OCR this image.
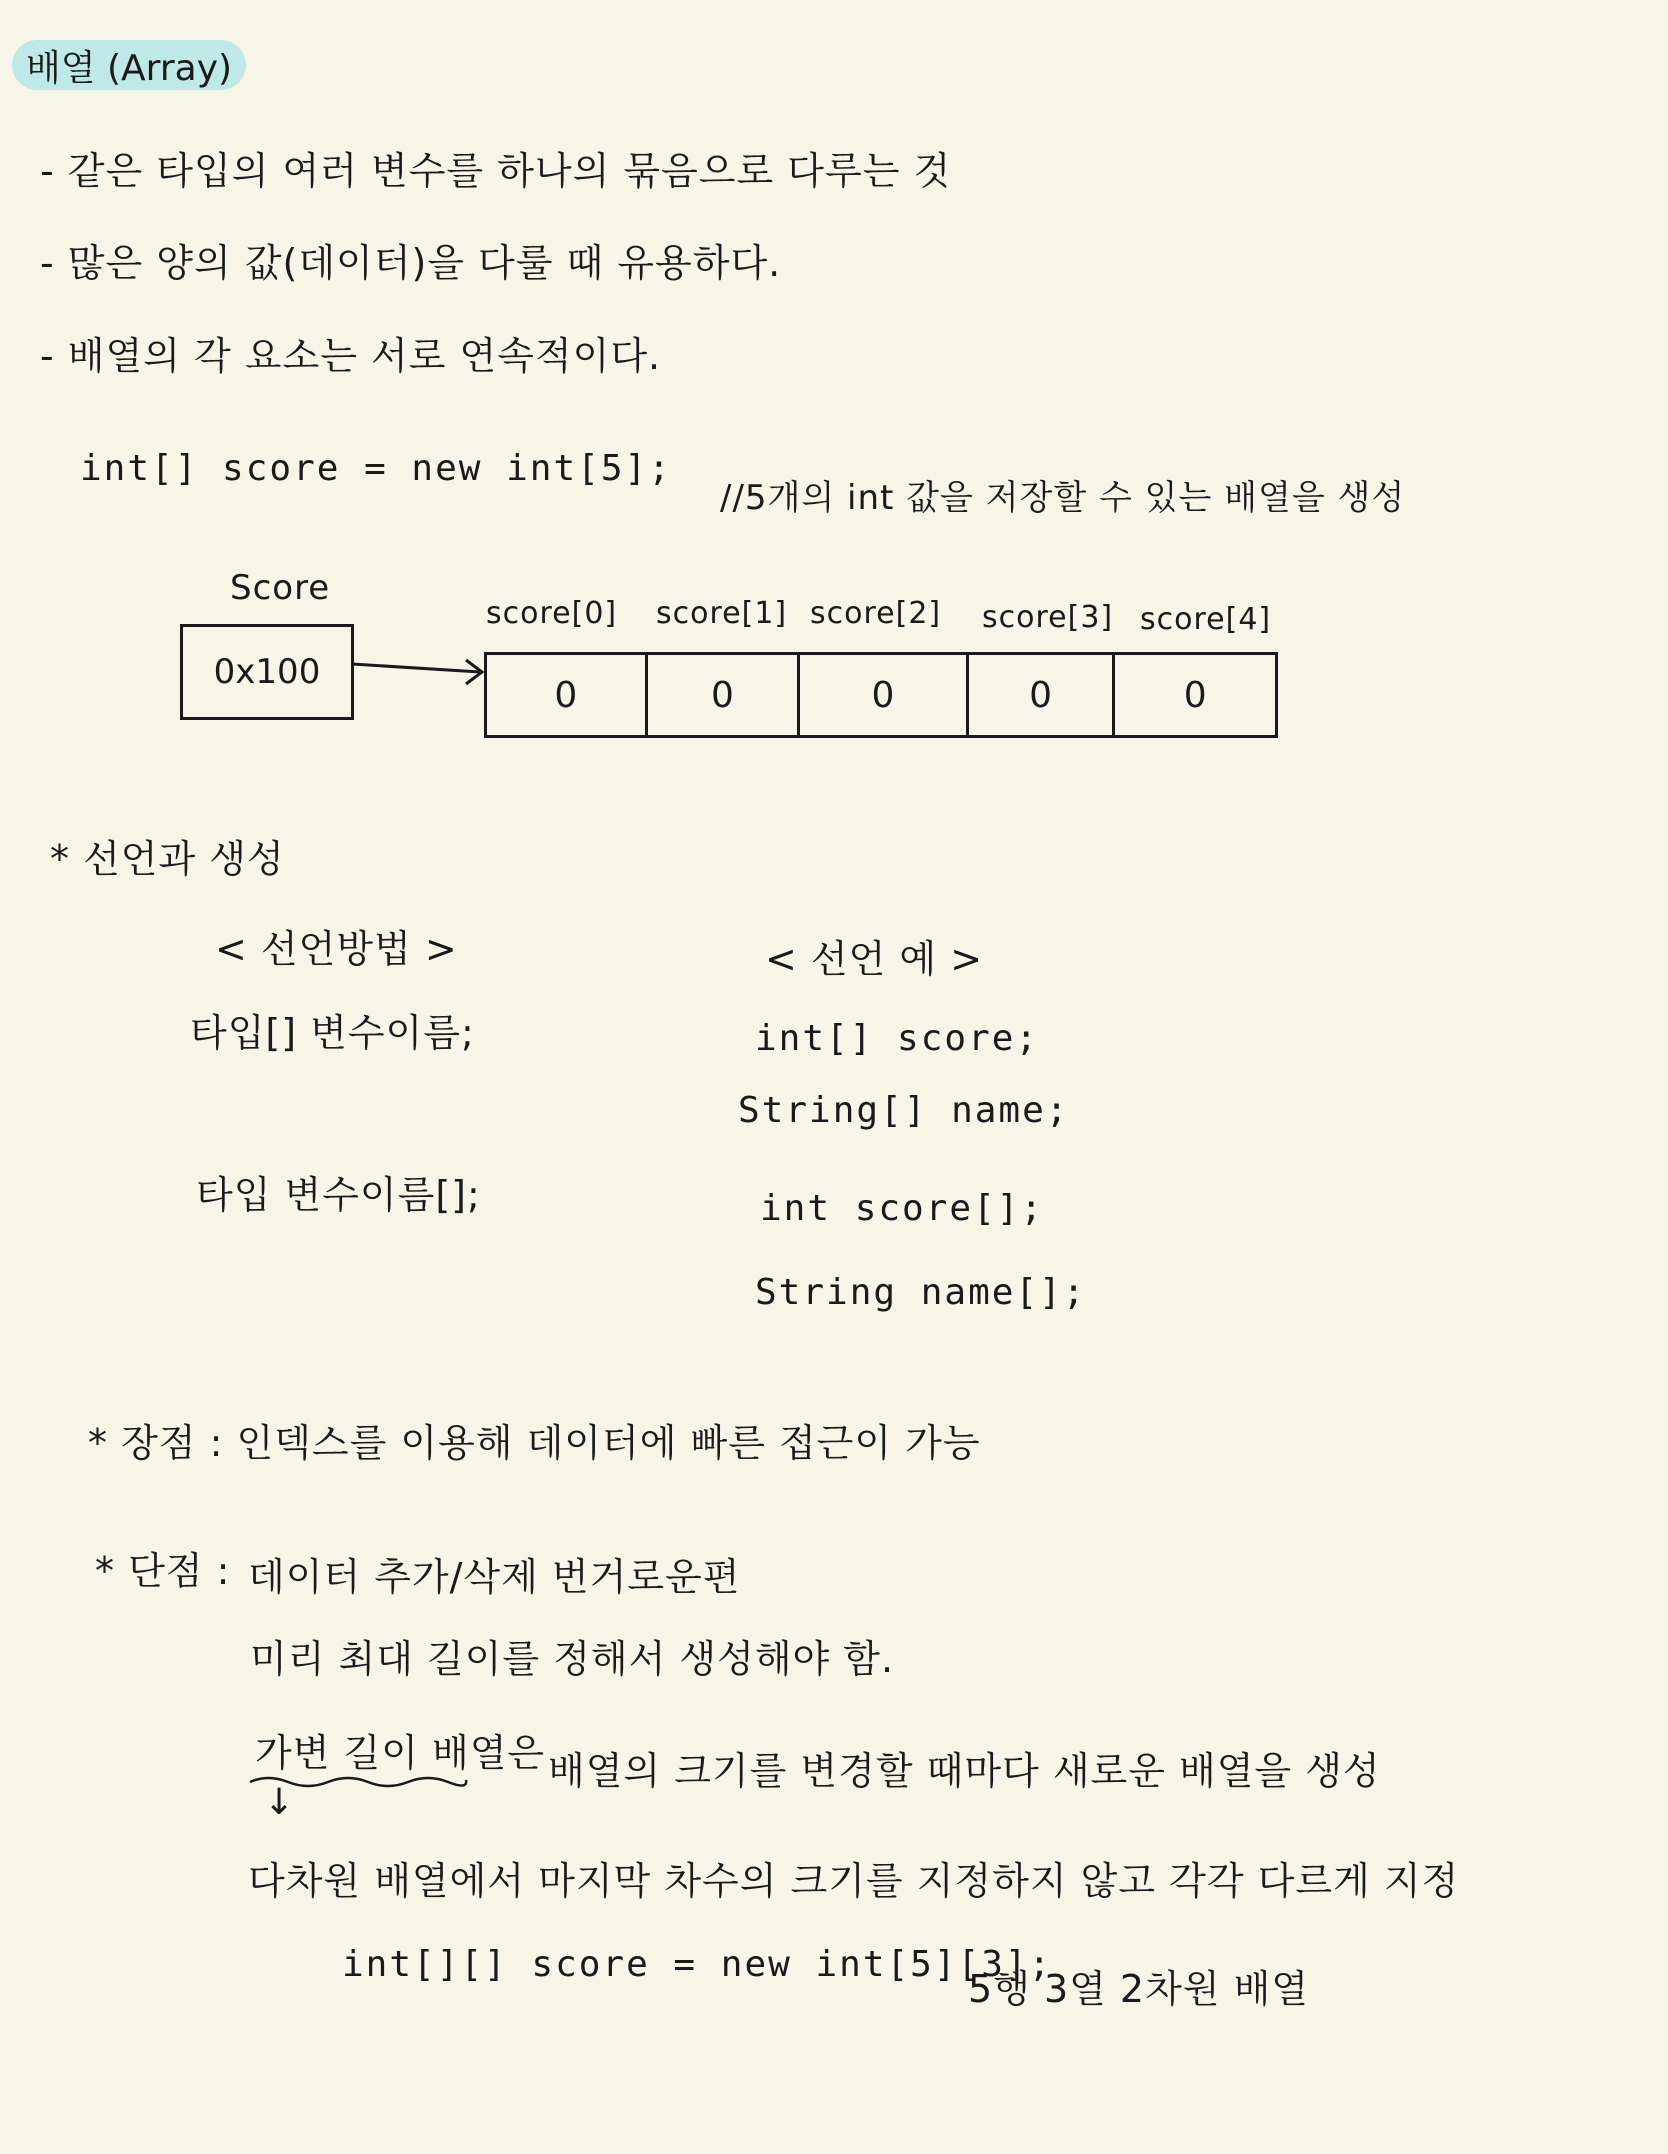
배열 (Array)
- 같은 타입의 여러 변수를 하나의 묶음으로 다루는 것
- 많은 양의 값(데이터)을 다룰 때 유용하다.
- 배열의 각 요소는 서로 연속적이다.
int[] score = new int[5];
//5개의 int 값을 저장할 수 있는 배열을 생성
Score
0x100
0	0	0	0	0
score[0] score[1] score[2] score[3] score[4]
* 선언과 생성
< 선언방법 >	< 선언 예 >
타입[] 변수이름;	int[] score;
String[] name;
타입 변수이름[];	int score[];
String name[];
* 장점 : 인덱스를 이용해 데이터에 빠른 접근이 가능
* 단점 : 데이터 추가/삭제 번거로운편
미리 최대 길이를 정해서 생성해야 함.
가변 길이 배열은 배열의 크기를 변경할 때마다 새로운 배열을 생성
↓
다차원 배열에서 마지막 차수의 크기를 지정하지 않고 각각 다르게 지정
int[][] score = new int[5][3];
5행 3열 2차원 배열
